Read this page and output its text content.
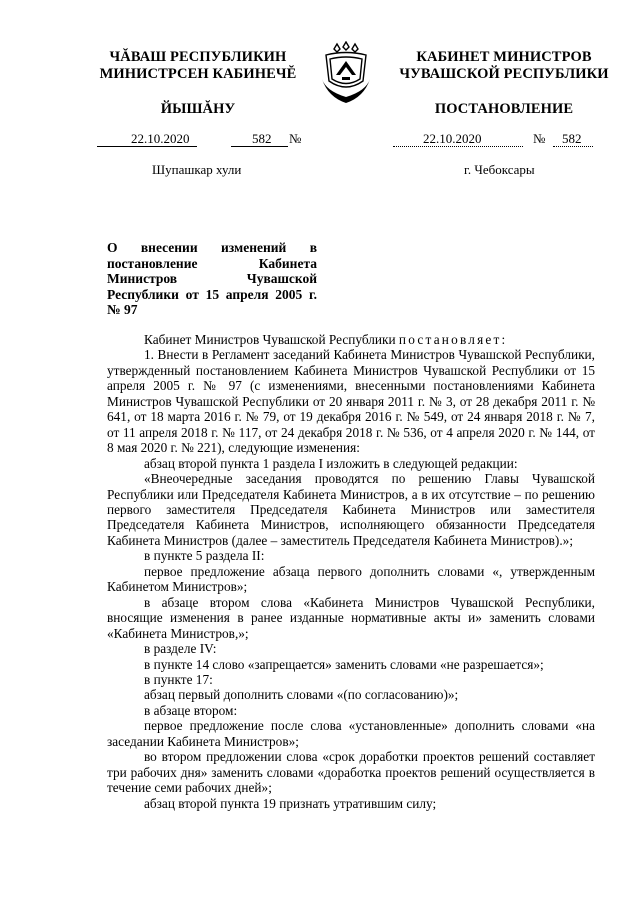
ЧĂВАШ РЕСПУБЛИКИН
МИНИСТРСЕН КАБИНЕЧĔ
ЙЫШĂНУ
КАБИНЕТ МИНИСТРОВ
ЧУВАШСКОЙ РЕСПУБЛИКИ
ПОСТАНОВЛЕНИЕ
22.10.2020	582 №	22.10.2020	№ 582
Шупашкар хули	г. Чебоксары
О внесении изменений в постановление Кабинета Министров Чувашской Республики от 15 апреля 2005 г. № 97

Кабинет Министров Чувашской Республики постановляет:

1. Внести в Регламент заседаний Кабинета Министров Чувашской Республики, утвержденный постановлением Кабинета Министров Чувашской Республики от 15 апреля 2005 г. № 97 (с изменениями, внесенными постановлениями Кабинета Министров Чувашской Республики от 20 января 2011 г. № 3, от 28 декабря 2011 г. № 641, от 18 марта 2016 г. № 79, от 19 декабря 2016 г. № 549, от 24 января 2018 г. № 7, от 11 апреля 2018 г. № 117, от 24 декабря 2018 г. № 536, от 4 апреля 2020 г. № 144, от 8 мая 2020 г. № 221), следующие изменения:

абзац второй пункта 1 раздела I изложить в следующей редакции:

«Внеочередные заседания проводятся по решению Главы Чувашской Республики или Председателя Кабинета Министров, а в их отсутствие – по решению первого заместителя Председателя Кабинета Министров или заместителя Председателя Кабинета Министров, исполняющего обязанности Председателя Кабинета Министров (далее – заместитель Председателя Кабинета Министров).»;

в пункте 5 раздела II:

первое предложение абзаца первого дополнить словами «, утвержденным Кабинетом Министров»;

в абзаце втором слова «Кабинета Министров Чувашской Республики, вносящие изменения в ранее изданные нормативные акты и» заменить словами «Кабинета Министров,»;

в разделе IV:

в пункте 14 слово «запрещается» заменить словами «не разрешается»;

в пункте 17:

абзац первый дополнить словами «(по согласованию)»;

в абзаце втором:

первое предложение после слова «установленные» дополнить словами «на заседании Кабинета Министров»;

во втором предложении слова «срок доработки проектов решений составляет три рабочих дня» заменить словами «доработка проектов решений осуществляется в течение семи рабочих дней»;

абзац второй пункта 19 признать утратившим силу;
